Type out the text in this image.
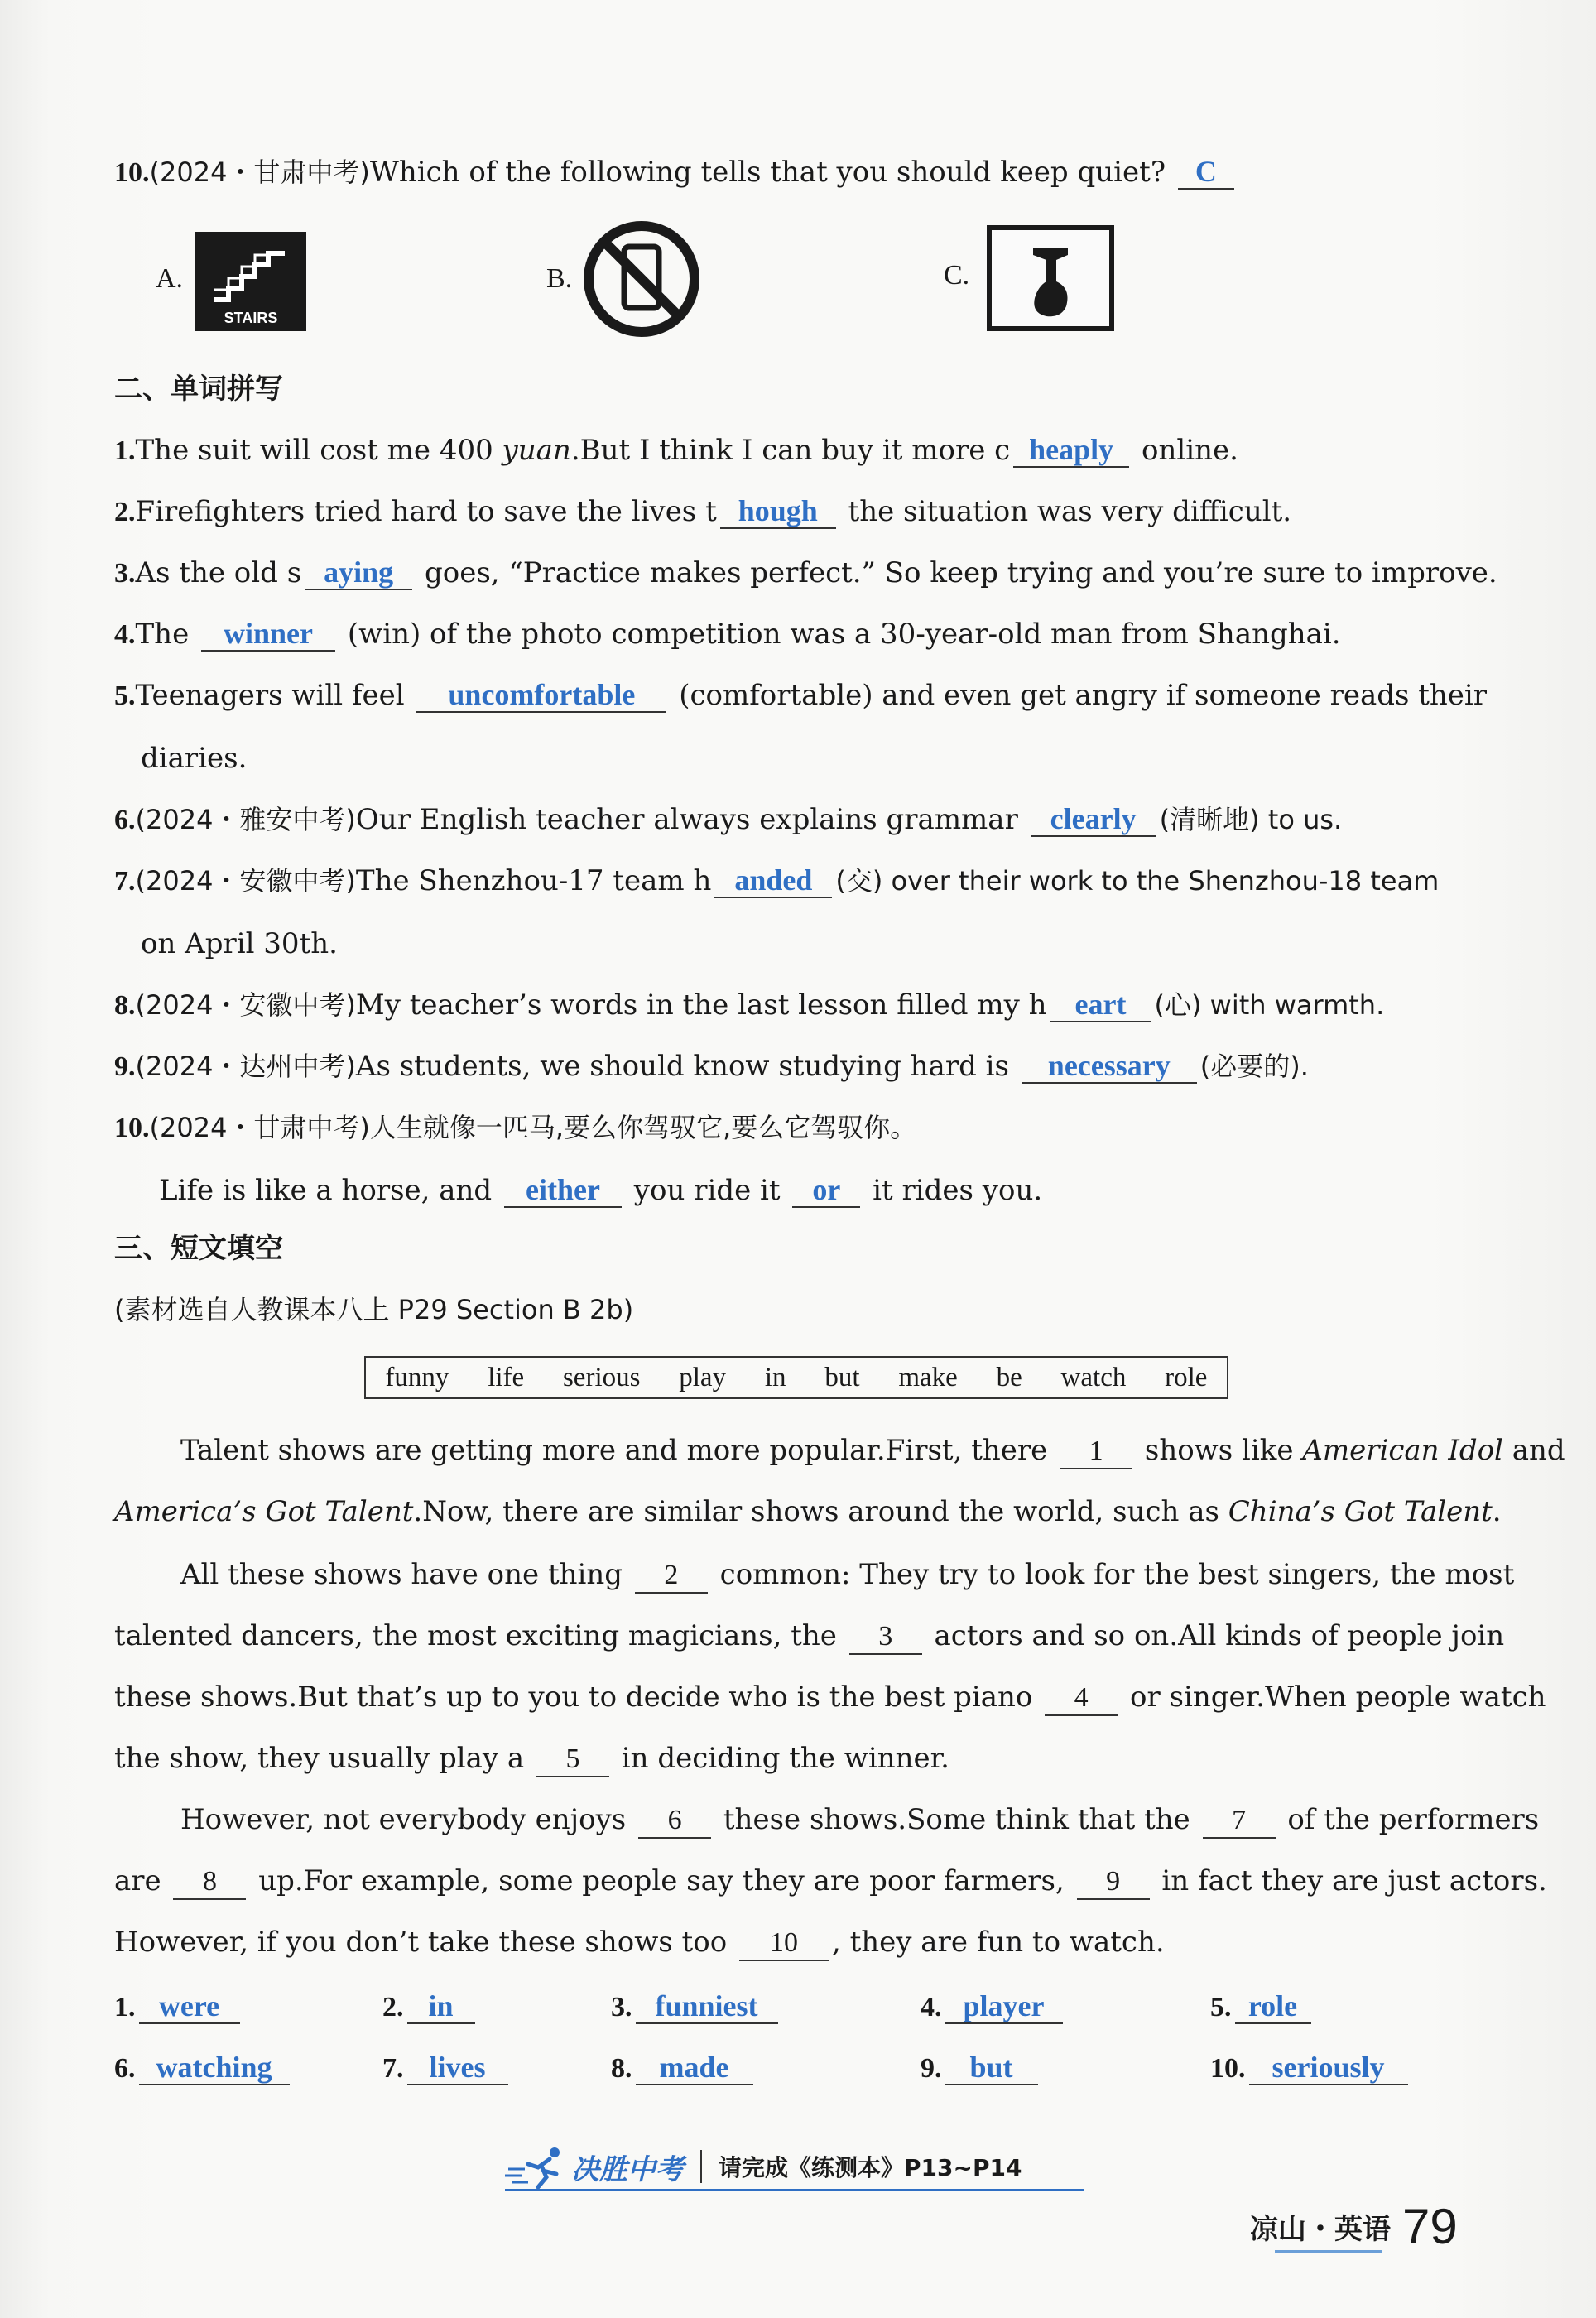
10.(2024・甘肃中考)Which of the following tells that you should keep quiet? C
A.
STAIRS
B.	C.
二、单词拼写
1.The suit will cost me 400 yuan.But I think I can buy it more c heaply online.
2.Firefighters tried hard to save the lives t hough the situation was very difficult.
3.As the old s aying goes, “Practice makes perfect.” So keep trying and you’re sure to improve.
4.The winner (win) of the photo competition was a 30-year-old man from Shanghai.
5.Teenagers will feel uncomfortable (comfortable) and even get angry if someone reads their
diaries.
6.(2024・雅安中考)Our English teacher always explains grammar clearly (清晰地) to us.
7.(2024・安徽中考)The Shenzhou-17 team h anded (交) over their work to the Shenzhou-18 team
on April 30th.
8.(2024・安徽中考)My teacher’s words in the last lesson filled my h eart (心) with warmth.
9.(2024・达州中考)As students, we should know studying hard is necessary (必要的).
10.(2024・甘肃中考)人生就像一匹马,要么你驾驭它,要么它驾驭你。
Life is like a horse, and either you ride it or it rides you.
三、短文填空
(素材选自人教课本八上 P29 Section B 2b)
funny life serious play in but make be watch role
Talent shows are getting more and more popular.First, there 1 shows like American Idol and
America’s Got Talent.Now, there are similar shows around the world, such as China’s Got Talent.
All these shows have one thing 2 common: They try to look for the best singers, the most
talented dancers, the most exciting magicians, the 3 actors and so on.All kinds of people join
these shows.But that’s up to you to decide who is the best piano 4 or singer.When people watch
the show, they usually play a 5 in deciding the winner.
However, not everybody enjoys 6 these shows.Some think that the 7 of the performers
are 8 up.For example, some people say they are poor farmers, 9 in fact they are just actors.
However, if you don’t take these shows too 10 , they are fun to watch.
1. were	2. in	3. funniest	4. player	5. role
6. watching	7. lives	8. made	9. but	10. seriously
决胜中考 请完成《练测本》P13~P14
凉山・英语 79
